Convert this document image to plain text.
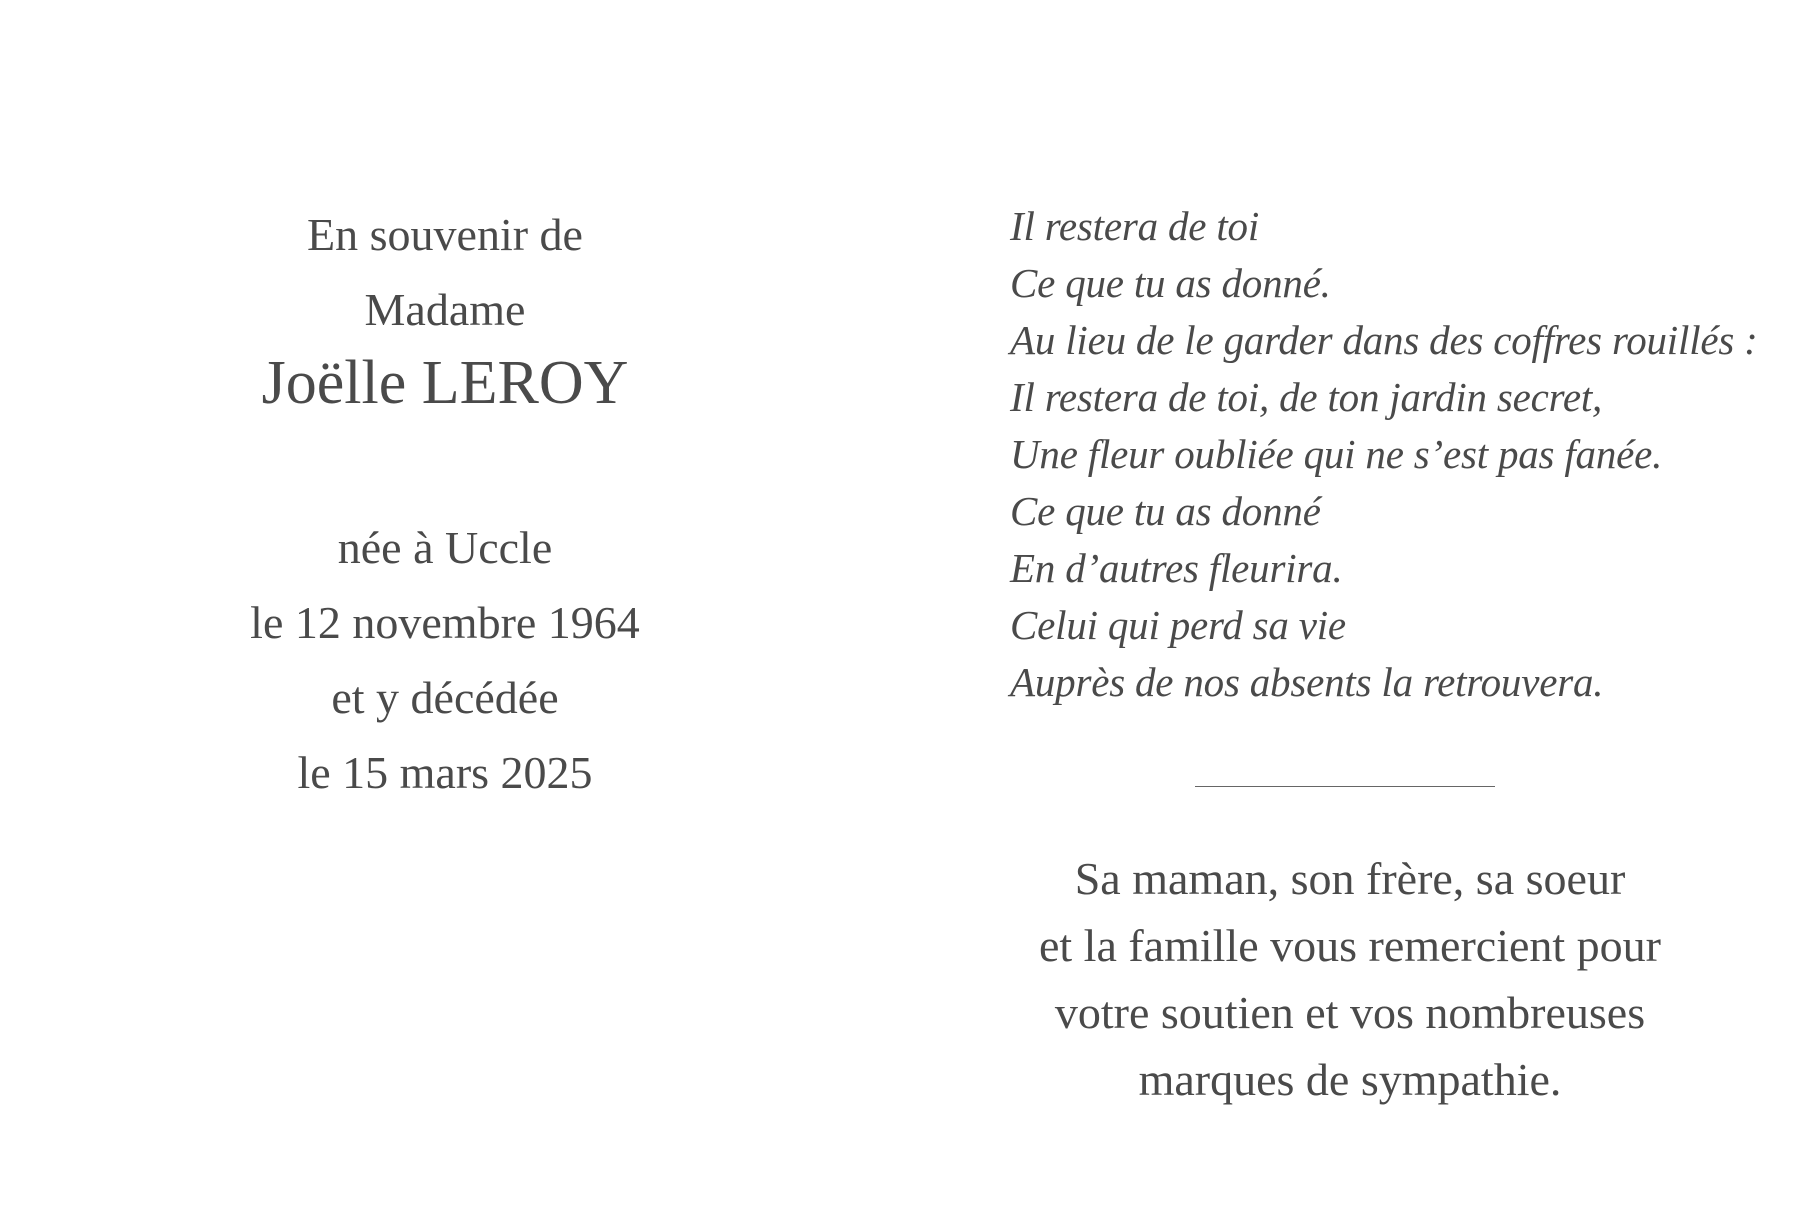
En souvenir de
Madame
Joëlle LEROY
née à Uccle
le 12 novembre 1964
et y décédée
le 15 mars 2025
Il restera de toi
Ce que tu as donné.
Au lieu de le garder dans des coffres rouillés :
Il restera de toi, de ton jardin secret,
Une fleur oubliée qui ne s’est pas fanée.
Ce que tu as donné
En d’autres fleurira.
Celui qui perd sa vie
Auprès de nos absents la retrouvera.
Sa maman, son frère, sa soeur
et la famille vous remercient pour
votre soutien et vos nombreuses
marques de sympathie.
